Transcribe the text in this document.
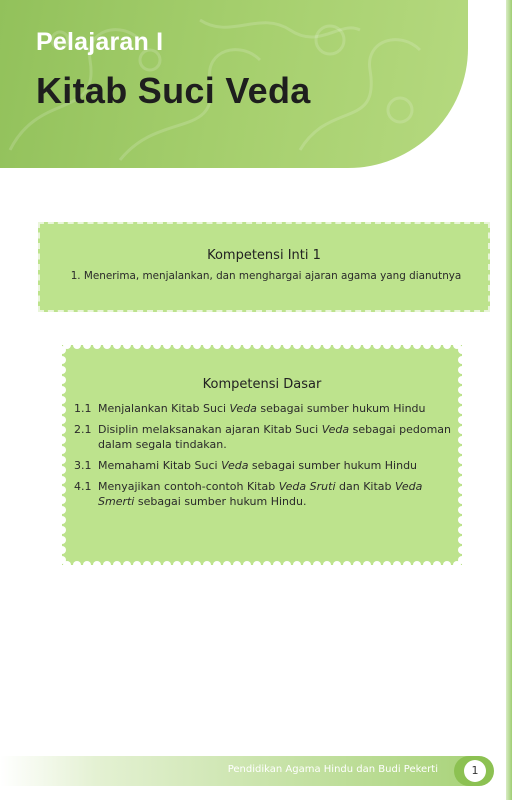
Pelajaran I
Kitab Suci Veda
Kompetensi Inti 1
1. Menerima, menjalankan, dan menghargai ajaran agama yang dianutnya
Kompetensi Dasar
1.1 Menjalankan Kitab Suci Veda sebagai sumber hukum Hindu
2.1 Disiplin melaksanakan ajaran Kitab Suci Veda sebagai pedoman dalam segala tindakan.
3.1 Memahami Kitab Suci Veda sebagai sumber hukum Hindu
4.1 Menyajikan contoh-contoh Kitab Veda Sruti dan Kitab Veda Smerti sebagai sumber hukum Hindu.
Pendidikan Agama Hindu dan Budi Pekerti	1
